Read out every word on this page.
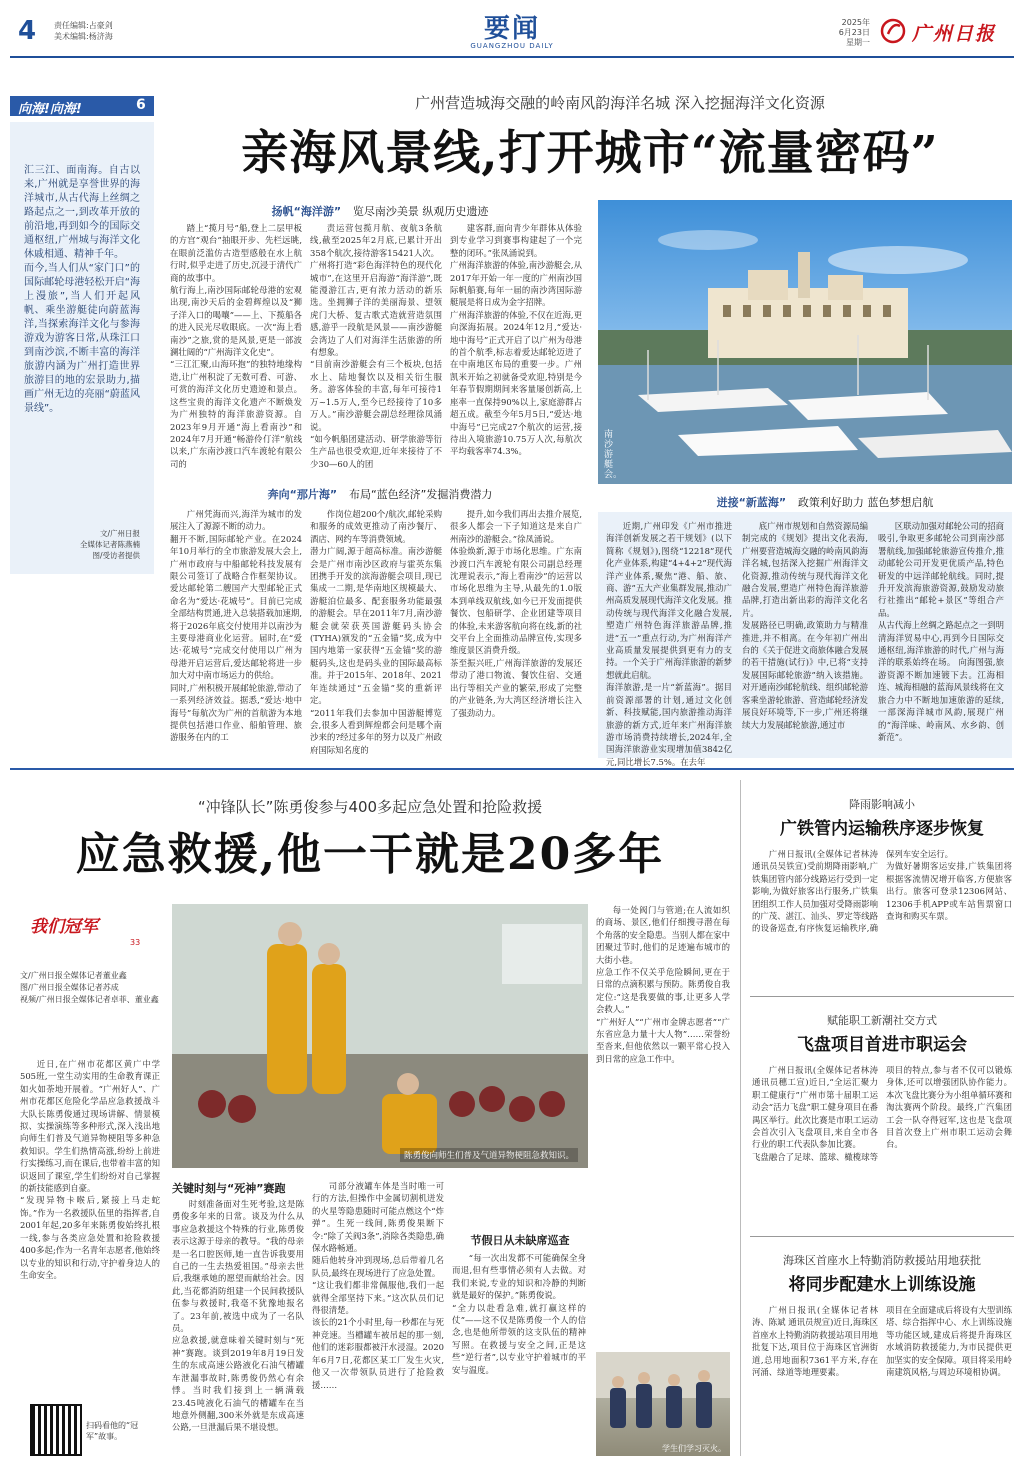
4 责任编辑:占豪剑
美术编辑:杨济海	要闻
GUANGZHOU DAILY
2025年
6月23日
星期一 广州日报
向海!向海!	6	广州营造城海交融的岭南风韵海洋名城 深入挖掘海洋文化资源
亲海风景线,打开城市“流量密码”

汇三江、面南海。自古以来,广州就是享誉世界的海洋城市,从古代海上丝绸之路起点之一,到改革开放的前沿地,再到如今的国际交通枢纽,广州城与海洋文化休戚相通、精神千年。
而今,当人们从“家门口”的国际邮轮母港轻松开启“海上漫旅”,当人们开起风帆、乘坐游艇徒向蔚蓝海洋,当探索海洋文化与参海游戏为游客日常,从珠江口到南沙滨,不断丰富的海洋旅游内涵为广州打造世界旅游目的地的宏景助力,描画广州无边的亮丽“蔚蓝风景线”。

文/广州日报
全媒体记者陈燕楠
图/受访者提供
扬帆“海洋游” 览尽南沙美景 纵观历史遗迹
踏上“揽月号”船,登上二层甲板的方宫“观台”抽眼开步、先栏远眺,在眼前泛滥仿古造型感般在水上航行时,似乎走进了历史,沉浸于清代广商的故事中。
航行海上,南沙国际邮轮母港的宏观出现,南沙天后的金碧辉煌以及“狮子洋入口的喝嚷”——上、下揽船各的进入民光尽收眼底。一次“海上看南沙”之旅,赏的是风景,更是一部波澜壮阔的“广州海洋文化史”。
“三江汇聚,山海环抱”的独特地缘构造,让广州积淀了无数可看、可游、可赏的海洋文化历史遗迹和景点。这些宝贵的海洋文化遗产不断焕发为广州独特的海洋旅游资源。自2023年9月开通“海上看南沙”和2024年7月开通“畅游伶仃洋”航线以来,广东南沙渡口汽车渡轮有限公司的
责运营包揽月航、夜航3条航线,截至2025年2月底,已累计开出358个航次,接待游客15421人次。
广州将打造“彩色海洋特色的现代化城市”,在这里开启海游“海洋游”,既能漫游江古,更有浓力活动的新乐选。坐拥狮子洋的美丽海景、望领虎门大桥、复古歌式造就营造氛围感,游乎一段航是风景——南沙游艇会湾边了人们对海洋生活旅游的所有想象。
“目前南沙游艇会有三个板块,包括水上、陆地餐饮以及相关衍生服务。游客体验的丰富,每年可接待1万~1.5万人,至今已经接待了10多万人。”南沙游艇会副总经理徐凤涌说。
“如今帆船团建活动、研学旅游等衍生产品也很受欢迎,近年来接待了不少30—60人的团
建客群,面向青少年群体从体验到专业学习到赛事构建起了一个完整的闭环。”张凤涌说到。
广州海洋旅游的体验,南沙游艇会,从2017年开始一年一度的广州南沙国际帆船赛,每年一届的南沙湾国际游艇展是将日成为金字招牌。
广州海洋旅游的体验,不仅在近海,更向深海拓展。2024年12月,“爱达·地中海号”正式开启了以广州为母港的首个航季,标志着爱达邮轮迈进了在中南地区布局的重要一步。广州凯米开始之初就备受欢迎,特别是今年春节假期期间来客量屡创新高,上座率一直保持90%以上,家庭游群占超五成。截至今年5月5日,“爱达·地中海号”已完成27个航次的运营,接待出入境旅游10.75万人次,每航次平均载客率74.3%。
南沙游艇会。
奔向“那片海” 布局“蓝色经济”发掘消费潜力
迸接“新蓝海” 政策利好助力 蓝色梦想启航
广州凭海而兴,海洋为城市的发展注入了源源不断的动力。
翻开不断,国际邮轮产业。在2024年10月举行的全市旅游发展大会上,广州市政府与中船邮轮科技发展有限公司签订了战略合作框架协议。爱达邮轮第二艘国产大型邮轮正式命名为“爱达·花城号”。目前已完成全部结构贯通,进入总装搭载加速期,将于2026年底交付使用并以南沙为主要母港商业化运营。届时,在“爱达·花城号”完成交付使用以广州为母港开启运营后,爱达邮轮将进一步加大对中南市场运力的供给。
同时,广州积极开展邮轮旅游,带动了一系列经济效益。据悉,“爱达·地中海号”每航次为广州的首航游为本地提供包括港口作业、船舶管理、旅游服务在内的工
作岗位超200个/航次,邮轮采购和服务的成效更推动了南沙餐厅、酒店、网约车等消费领域。
潜力广阔,源于超高标准。南沙游艇会是广州市南沙区政府与霍英东集团携手开发的滨海游艇会项目,现已集成一二期,是华南地区规模最大、游艇泊位最多、配套服务功能最强的游艇会。早在2011年7月,南沙游艇会就荣获英国游艇码头协会(TYHA)颁发的“五金锚”奖,成为中国内地第一家获得“五金锚”奖的游艇码头,这也是码头业的国际最高标准。并于2015年、2018年、2021年连续通过“五金锚”奖的重新评定。
“2011年我们去参加中国游艇博览会,很多人看到辉煌都会问是哪个南沙来的?经过多年的努力以及广州政府国际知名度的
提升,如今我们再出去推介展览,很多人都会一下子知道这是来自广州南沙的游艇会。”徐凤涌说。
体验焕新,源于市场化思维。广东南沙渡口汽车渡轮有限公司副总经理沈理说表示,“海上看南沙”的运营以市场化思维为主导,从最先的1.0版本到单线双航线,如今已开发面提供餐饮、包船研学、企业团建等项目的体验,未来游客航向将在线,新的社交平台上全面推动品牌宣传,实现多维度景区消费升级。
茶至振兴旺,广州海洋旅游的发展还带动了港口物流、餐饮住宿、交通出行等相关产业的繁荣,形成了完整的产业链条,为大湾区经济增长注入了强劲动力。
近期,广州印发《广州市推进海洋创新发展之若干规划》(以下简称《规划》),图绕“12218”现代化产业体系,构建“4+4+2”现代海洋产业体系,聚焦“港、船、旅、商、游”五大产业集群发展,推动广州高质发展现代海洋文化发展。推动传统与现代海洋文化融合发展,塑造广州特色海洋旅游品牌,推进“五一”重点行动,为广州海洋产业高质量发展提供到更有力的支持。一个关于广州海洋旅游的新梦想就此启航。
海洋旅游,是一片“新蓝海”。据目前资源部署的计划,通过文化创新、科技赋能,国内旅游推动海洋旅游的新方式,近年来广州海洋旅游市场消费持续增长,2024年,全国海洋旅游业实现增加值3842亿元,同比增长7.5%。在去年
底广州市规划和自然资源局编制完成的《规划》提出文化表海,广州要营造城海交融的岭南风韵海洋名城,包括深入挖掘广州海洋文化资源,推动传统与现代海洋文化融合发展,塑造广州特色海洋旅游品牌,打造出新出彩的海洋文化名片。
发展路径已明确,政策助力与精准推进,并不相离。在今年初广州出台的《关于促进文商旅体融合发展的若干措施(试行)》中,已将“支持发展国际邮轮旅游”纳入该措施。对开通南沙邮轮航线、组织邮轮游客乘坐游轮旅游、营造邮轮经济发展良好环境等,下一步,广州还将继续大力发展邮轮旅游,通过市
区联动加强对邮轮公司的招商吸引,争取更多邮轮公司到南沙部署航线,加强邮轮旅游宣传推介,推动邮轮公司开发更优质产品,特色研发的中远洋邮轮航线。同时,提升开发滨海旅游资源,鼓励发动旅行社推出“邮轮+景区”等组合产品。
从古代海上丝绸之路起点之一到明清海洋贸易中心,再到今日国际交通枢纽,海洋旅游的时代,广州与海洋的联系始终在场。 向海图强,旅游资源不断加速镀下去。江海相连、城海相融的蓝海风景线将在文旅合力中不断地加速旅游的延续,一部深海洋城市风韵,展现广州的“海洋味、岭南风、水乡韵、创新范”。
“冲锋队长”陈勇俊参与400多起应急处置和抢险救援
应急救援,他一干就是20多年
我们冠军
33
文/广州日报全媒体记者董业鑫
图/广州日报全媒体记者苏成
视频/广州日报全媒体记者卓菲、董业鑫
近日,在广州市花都区黄广中学505班,一堂生动实用的生命教育课正如火如荼地开展着。“广州好人”、广州市花都区危险化学品应急救援战斗大队长陈勇俊通过现场讲解、情景模拟、实操演练等多种形式,深入浅出地向师生们普及气道异物梗阻等多种急救知识。学生们热情高涨,纷纷上前进行实操练习,而在课后,也带着丰富的知识返回了课室,学生们纷纷对自己掌握的新技能感到自豪。
“发现异物卡喉后,紧接上马走蛇饰。”作为一名救援队伍里的指挥者,自2001年起,20多年来陈勇俊始终扎根一线,参与各类应急处置和抢险救援400多起;作为一名青年志愿者,他始终以专业的知识和行动,守护着身边人的生命安全。
扫码看他的“冠军”故事。
陈勇俊向师生们普及气道异物梗阻急救知识。
关键时刻与“死神”赛跑
时刻准备面对生死考验,这是陈勇俊多年来的日常。谈及为什么从事应急救援这个特殊的行业,陈勇俊表示这源于母亲的教导。“我的母亲是一名口腔医师,她一直告诉我要用自己的一生去热爱祖国。”母亲去世后,我继承她的愿望而献给社会。因此,当花都消防组建一个民间救援队伍参与救援时,我毫不犹豫地报名了。23年前,被选中成为了一名队员。
应急救援,就意味着关键时刻与“死神”赛跑。谈到2019年8月19日发生的东成高速公路液化石油气槽罐车泄漏事故时,陈勇俊仍然心有余悸。当时我们接到上一辆满载23.45吨液化石油气的槽罐车在当地意外侧翻,300米外就是东成高速公路,一旦泄漏后果不堪设想。
司部分液罐车体是当时唯一可行的方法,但操作中金属切割机迸发的火星等隐患随时可能点燃这个“炸弹”。生死一线间,陈勇俊果断下令:“除了关阀3条”,消除各类隐患,确保水路畅通。
随后他转身冲到现场,总后带着几名队员,最终在现场进行了应急处置。
“这让我们都非常佩服他,我们一起就得全部坚持下来。”这次队员们记得很清楚。
该长的21个小时里,每一秒都在与死神竞速。当槽罐车被吊起的那一刻,他们的迷彩服都被汗水浸湿。2020年6月7日,花都区某工厂发生火灾,他又一次带领队员进行了抢险救援……
每一处阀门与管道;在人流如织的商场、景区,他们仔细搜寻潜在每个角落的安全隐患。当别人都在家中团聚过节时,他们的足迹遍布城市的大街小巷。
应急工作不仅关乎危险瞬间,更在于日常的点滴积累与预防。陈勇俊自我定位:“这是我要做的事,让更多人学会救人。”
“广州好人”“广州市金牌志愿者”“广东省应急力量十大人物”……荣誉纷至沓来,但他依然以一颗平常心投入到日常的应急工作中。
节假日从未缺席巡查
“每一次出发都不可能确保全身而退,但有些事情必须有人去做。对我们来说,专业的知识和冷静的判断就是最好的保护。”陈勇俊说。
“全力以赴看急难,就打赢这样的仗”——这不仅是陈勇俊一个人的信念,也是他所带领的这支队伍的精神写照。在救援与安全之间,正是这些“逆行者”,以专业守护着城市的平安与温度。
学生们学习灭火。
降雨影响减小
广铁管内运输秩序逐步恢复
广州日报讯(全媒体记者林涛 通讯员吴铁宣)受前期降雨影响,广铁集团管内部分线路运行受到一定影响,为做好旅客出行服务,广铁集团组织工作人员加强对受降雨影响的广茂、湛江、汕头、罗定等线路的设备巡查,有序恢复运输秩序,确保列车安全运行。
为做好暑期客运安排,广铁集团将根据客流情况增开临客,方便旅客出行。旅客可登录12306网站、12306手机APP或车站售票窗口查询和购买车票。
赋能职工新潮社交方式
飞盘项目首进市职运会
广州日报讯(全媒体记者林涛 通讯员穗工宣)近日,“全运汇聚力 职工健康行”广州市第十届职工运动会“活力飞盘”职工健身项目在番禺区举行。此次比赛是市职工运动会首次引入飞盘项目,来自全市各行业的职工代表队参加比赛。
飞盘融合了足球、篮球、橄榄球等项目的特点,参与者不仅可以锻炼身体,还可以增强团队协作能力。本次飞盘比赛分为小组单循环赛和淘汰赛两个阶段。最终,广汽集团工会一队夺得冠军,这也是飞盘项目首次登上广州市职工运动会舞台。
海珠区首座水上特勤消防救援站用地获批
将同步配建水上训练设施
广州日报讯(全媒体记者林涛、陈斌 通讯员规宣)近日,海珠区首座水上特勤消防救援站项目用地批复下达,项目位于海珠区官洲街道,总用地面积7361平方米,存在河涌、绿道等地理要素。
项目在全面建成后将设有大型训练塔、综合指挥中心、水上训练设施等功能区域,建成后将提升海珠区水域消防救援能力,为市民提供更加坚实的安全保障。项目将采用岭南建筑风格,与周边环境相协调。
